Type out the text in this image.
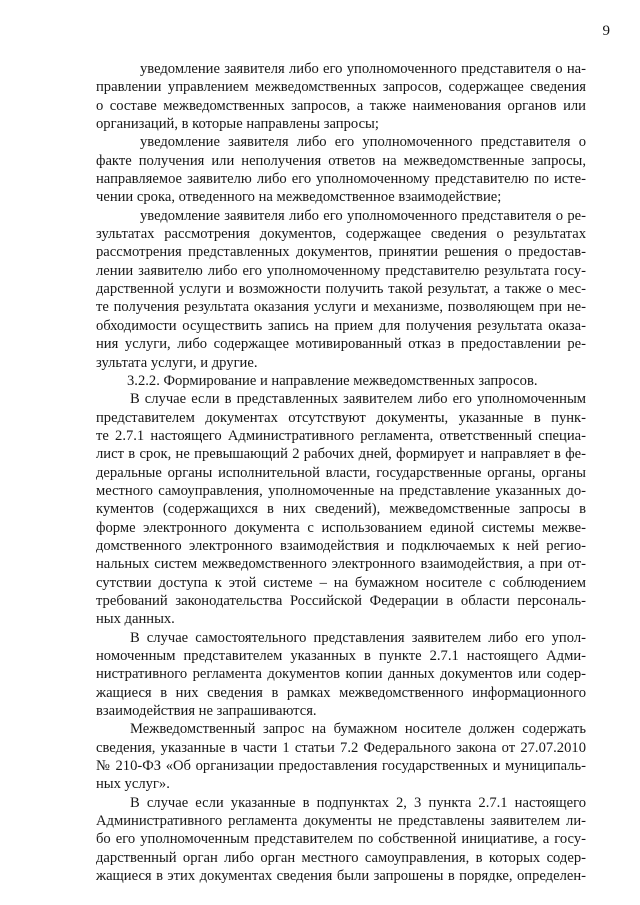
9
уведомление заявителя либо его уполномоченного представителя о на-
правлении управлением межведомственных запросов, содержащее сведения
о составе межведомственных запросов, а также наименования органов или
организаций, в которые направлены запросы;
уведомление заявителя либо его уполномоченного представителя о
факте получения или неполучения ответов на межведомственные запросы,
направляемое заявителю либо его уполномоченному представителю по исте-
чении срока, отведенного на межведомственное взаимодействие;
уведомление заявителя либо его уполномоченного представителя о ре-
зультатах рассмотрения документов, содержащее сведения о результатах
рассмотрения представленных документов, принятии решения о предостав-
лении заявителю либо его уполномоченному представителю результата госу-
дарственной услуги и возможности получить такой результат, а также о мес-
те получения результата оказания услуги и механизме, позволяющем при не-
обходимости осуществить запись на прием для получения результата оказа-
ния услуги, либо содержащее мотивированный отказ в предоставлении ре-
зультата услуги, и другие.
3.2.2. Формирование и направление межведомственных запросов.
В случае если в представленных заявителем либо его уполномоченным
представителем документах отсутствуют документы, указанные в пунк-
те 2.7.1 настоящего Административного регламента, ответственный специа-
лист в срок, не превышающий 2 рабочих дней, формирует и направляет в фе-
деральные органы исполнительной власти, государственные органы, органы
местного самоуправления, уполномоченные на представление указанных до-
кументов (содержащихся в них сведений), межведомственные запросы в
форме электронного документа с использованием единой системы межве-
домственного электронного взаимодействия и подключаемых к ней регио-
нальных систем межведомственного электронного взаимодействия, а при от-
сутствии доступа к этой системе – на бумажном носителе с соблюдением
требований законодательства Российской Федерации в области персональ-
ных данных.
В случае самостоятельного представления заявителем либо его упол-
номоченным представителем указанных в пункте 2.7.1 настоящего Адми-
нистративного регламента документов копии данных документов или содер-
жащиеся в них сведения в рамках межведомственного информационного
взаимодействия не запрашиваются.
Межведомственный запрос на бумажном носителе должен содержать
сведения, указанные в части 1 статьи 7.2 Федерального закона от 27.07.2010
№ 210-ФЗ «Об организации предоставления государственных и муниципаль-
ных услуг».
В случае если указанные в подпунктах 2, 3 пункта 2.7.1 настоящего
Административного регламента документы не представлены заявителем ли-
бо его уполномоченным представителем по собственной инициативе, а госу-
дарственный орган либо орган местного самоуправления, в которых содер-
жащиеся в этих документах сведения были запрошены в порядке, определен-
